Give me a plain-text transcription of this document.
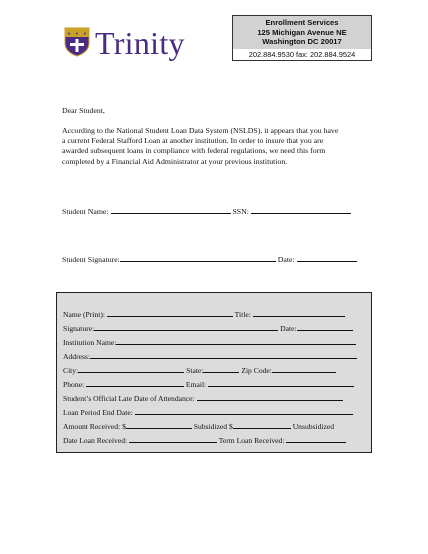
Trinity
Enrollment Services
125 Michigan Avenue NE
Washington DC 20017
202.884.9530 fax: 202.884.9524
Dear Student,
According to the National Student Loan Data System (NSLDS), it appears that you have
a current Federal Stafford Loan at another institution. In order to insure that you are
awarded subsequent loans in compliance with federal regulations, we need this form
completed by a Financial Aid Administrator at your previous institution.
Student Name:	SSN:
Student Signature:	Date:
Name (Print):	Title:
Signature:	Date:
Institution Name:
Address:
City:	State:	Zip Code:
Phone:	Email:
Student’s Official Late Date of Attendance:
Loan Period End Date:
Amount Received: $	Subsidized $	Unsubsidized
Date Loan Received:	Term Loan Received:
